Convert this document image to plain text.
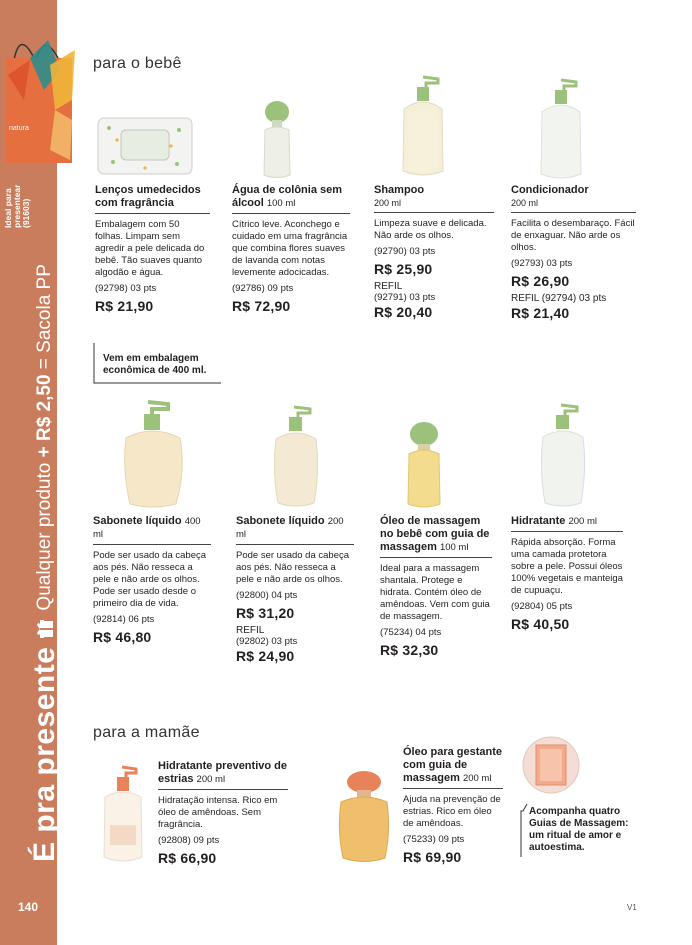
natura
Ideal para presentear (91603)
É pra presente
Qualquer produto + R$ 2,50 = Sacola PP
140
para o bebê
para a mamãe
Lenços umedecidos com fragrância
Embalagem com 50 folhas. Limpam sem agredir a pele delicada do bebê. Tão suaves quanto algodão e água.
(92798) 03 pts
R$ 21,90
Água de colônia sem álcool 100 ml
Cítrico leve. Aconchego e cuidado em uma fragrância que combina flores suaves de lavanda com notas levemente adocicadas.
(92786) 09 pts
R$ 72,90
Shampoo
200 ml
Limpeza suave e delicada. Não arde os olhos.
(92790) 03 pts
R$ 25,90
REFIL
(92791) 03 pts
R$ 20,40
Condicionador
200 ml
Facilita o desembaraço. Fácil de enxaguar. Não arde os olhos.
(92793) 03 pts
R$ 26,90
REFIL (92794) 03 pts
R$ 21,40
Vem em embalagem econômica de 400 ml.
Sabonete líquido 400 ml
Pode ser usado da cabeça aos pés. Não resseca a pele e não arde os olhos. Pode ser usado desde o primeiro dia de vida.
(92814) 06 pts
R$ 46,80
Sabonete líquido 200 ml
Pode ser usado da cabeça aos pés. Não resseca a pele e não arde os olhos.
(92800) 04 pts
R$ 31,20
REFIL
(92802) 03 pts
R$ 24,90
Óleo de massagem no bebê com guia de massagem 100 ml
Ideal para a massagem shantala. Protege e hidrata. Contém óleo de amêndoas. Vem com guia de massagem.
(75234) 04 pts
R$ 32,30
Hidratante 200 ml
Rápida absorção. Forma uma camada protetora sobre a pele. Possui óleos 100% vegetais e manteiga de cupuaçu.
(92804) 05 pts
R$ 40,50
Hidratante preventivo de estrias 200 ml
Hidratação intensa. Rico em óleo de amêndoas. Sem fragrância.
(92808) 09 pts
R$ 66,90
Óleo para gestante com guia de massagem 200 ml
Ajuda na prevenção de estrias. Rico em óleo de amêndoas.
(75233) 09 pts
R$ 69,90
Acompanha quatro Guias de Massagem: um ritual de amor e autoestima.
V1
